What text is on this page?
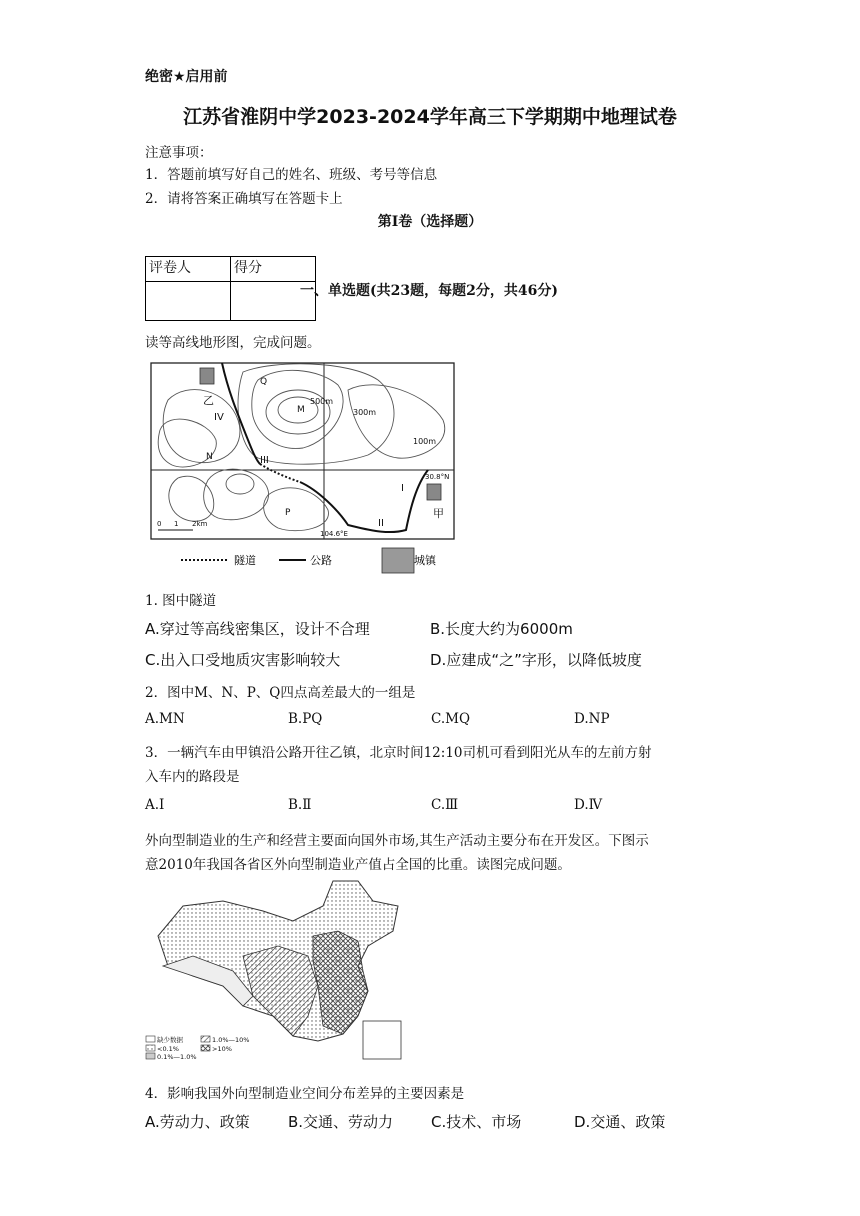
绝密★启用前
江苏省淮阴中学2023-2024学年高三下学期期中地理试卷
注意事项：
1．答题前填写好自己的姓名、班级、考号等信息
2．请将答案正确填写在答题卡上
第I卷（选择题）
评卷人	得分

一、单选题(共23题，每题2分，共46分)
读等高线地形图，完成问题。
Q
M
N
P
500m
300m
100m
乙
甲
IV
III
I
II
30.8°N
104.6°E
0 1 2km
隧道	公路	城镇
1. 图中隧道
A.穿过等高线密集区，设计不合理	B.长度大约为6000m
C.出入口受地质灾害影响较大	D.应建成“之”字形，以降低坡度
2．图中M、N、P、Q四点高差最大的一组是
A.MN	B.PQ	C.MQ	D.NP
3．一辆汽车由甲镇沿公路开往乙镇，北京时间12:10司机可看到阳光从车的左前方射
入车内的路段是
A.Ⅰ	B.Ⅱ	C.Ⅲ	D.Ⅳ
外向型制造业的生产和经营主要面向国外市场,其生产活动主要分布在开发区。下图示
意2010年我国各省区外向型制造业产值占全国的比重。读图完成问题。
缺少数据	1.0%—10%
<0.1%	>10%
0.1%—1.0%
4．影响我国外向型制造业空间分布差异的主要因素是
A.劳动力、政策	B.交通、劳动力	C.技术、市场	D.交通、政策
